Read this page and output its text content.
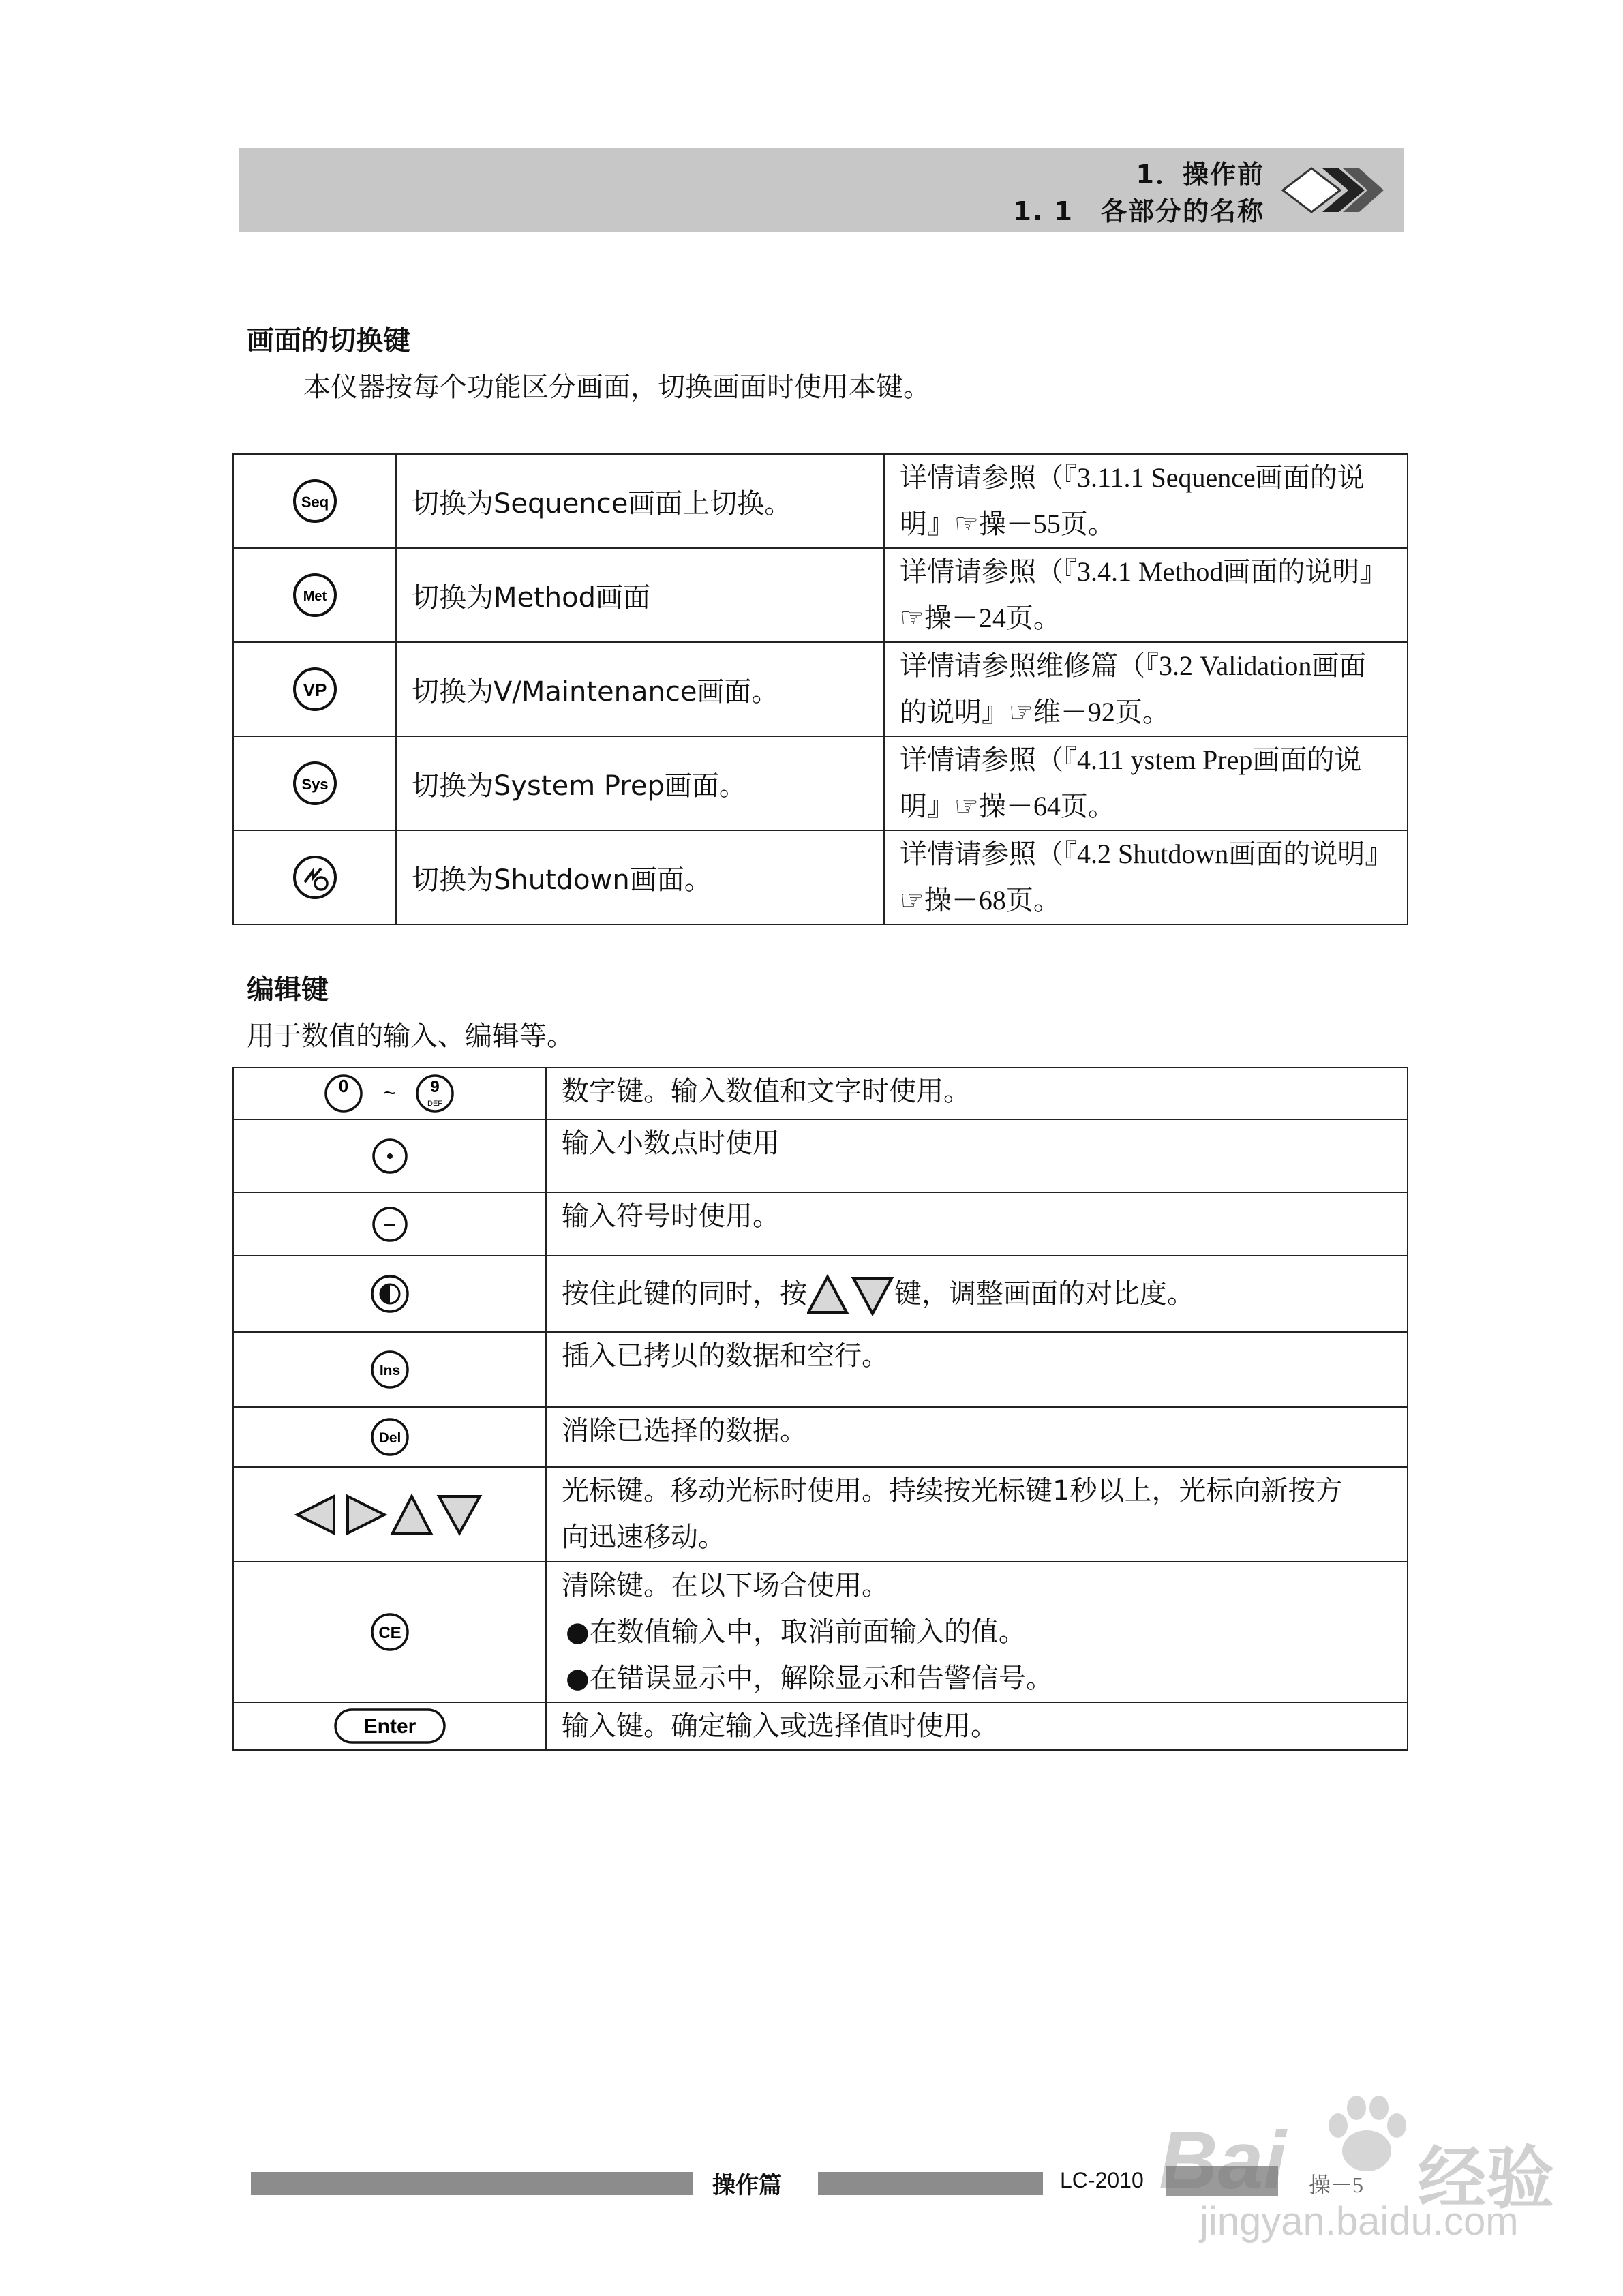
1．操作前
1. 1　各部分的名称
画面的切换键
本仪器按每个功能区分画面，切换画面时使用本键。
Seq	切换为Sequence画面上切换。	详情请参照（『3.11.1 Sequence画面的说
明』☞操－55页。

Met	切换为Method画面	详情请参照（『3.4.1 Method画面的说明』
☞操－24页。

VP	切换为V/Maintenance画面。	详情请参照维修篇（『3.2 Validation画面
的说明』☞维－92页。

Sys	切换为System Prep画面。	详情请参照（『4.11 ystem Prep画面的说
明』☞操－64页。

	切换为Shutdown画面。	详情请参照（『4.2 Shutdown画面的说明』
☞操－68页。
编辑键
用于数值的输入、编辑等。
0 ~ 9
DEF	数字键。输入数值和文字时使用。

输入小数点时使用

输入符号时使用。

	按住此键的同时，按 键，调整画面的对比度。

Ins	插入已拷贝的数据和空行。

Del	消除已选择的数据。

光标键。移动光标时使用。持续按光标键1秒以上，光标向新按方
向迅速移动。

CE	清除键。在以下场合使用。
●在数值输入中，取消前面输入的值。
●在错误显示中，解除显示和告警信号。

Enter	输入键。确定输入或选择值时使用。
操作篇	LC-2010	操－5
Bai 经验
jingyan.baidu.com
